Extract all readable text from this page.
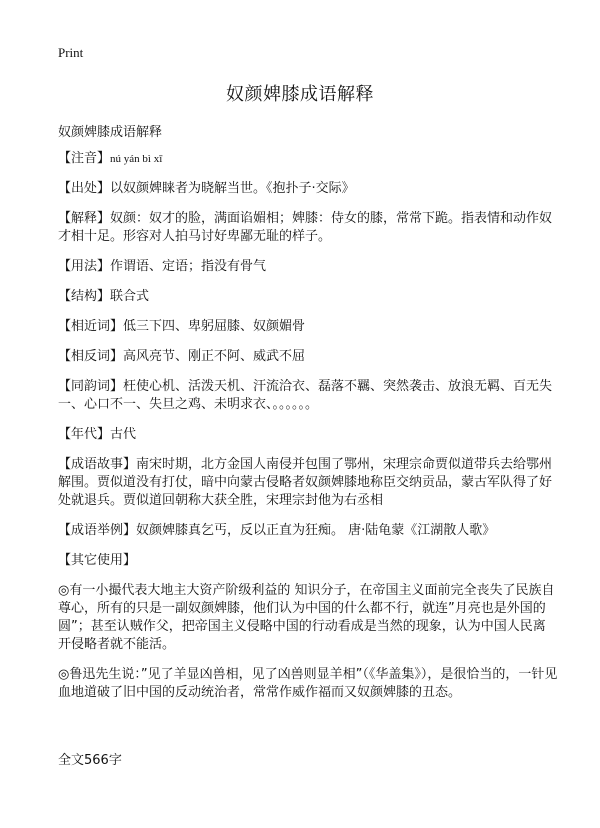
Print
奴颜婢膝成语解释
奴颜婢膝成语解释

【注音】nú yán bì xī

【出处】以奴颜婢睐者为晓解当世。《抱扑子·交际》

【解释】奴颜：奴才的脸，满面谄媚相；婢膝：侍女的膝，常常下跪。指表情和动作奴才相十足。形容对人拍马讨好卑鄙无耻的样子。

【用法】作谓语、定语；指没有骨气

【结构】联合式

【相近词】低三下四、卑躬屈膝、奴颜媚骨

【相反词】高风亮节、刚正不阿、威武不屈

【同韵词】枉使心机、活泼天机、汗流洽衣、磊落不羈、突然袭击、放浪无羁、百无失一、心口不一、失旦之鸡、未明求衣、。。。。。。

【年代】古代

【成语故事】南宋时期，北方金国人南侵并包围了鄂州，宋理宗命贾似道带兵去给鄂州解围。贾似道没有打仗，暗中向蒙古侵略者奴颜婢膝地称臣交纳贡品，蒙古军队得了好处就退兵。贾似道回朝称大获全胜，宋理宗封他为右丞相

【成语举例】奴颜婢膝真乞丐，反以正直为狂痴。 唐·陆龟蒙《江湖散人歌》

【其它使用】

◎有一小撮代表大地主大资产阶级利益的 知识分子，在帝国主义面前完全丧失了民族自尊心，所有的只是一副奴颜婢膝，他们认为中国的什么都不行，就连”月亮也是外国的圆”；甚至认贼作父，把帝国主义侵略中国的行动看成是当然的现象，认为中国人民离开侵略者就不能活。

◎鲁迅先生说：”见了羊显凶兽相，见了凶兽则显羊相”（《华盖集》），是很恰当的，一针见血地道破了旧中国的反动统治者，常常作威作福而又奴颜婢膝的丑态。

全文566字
